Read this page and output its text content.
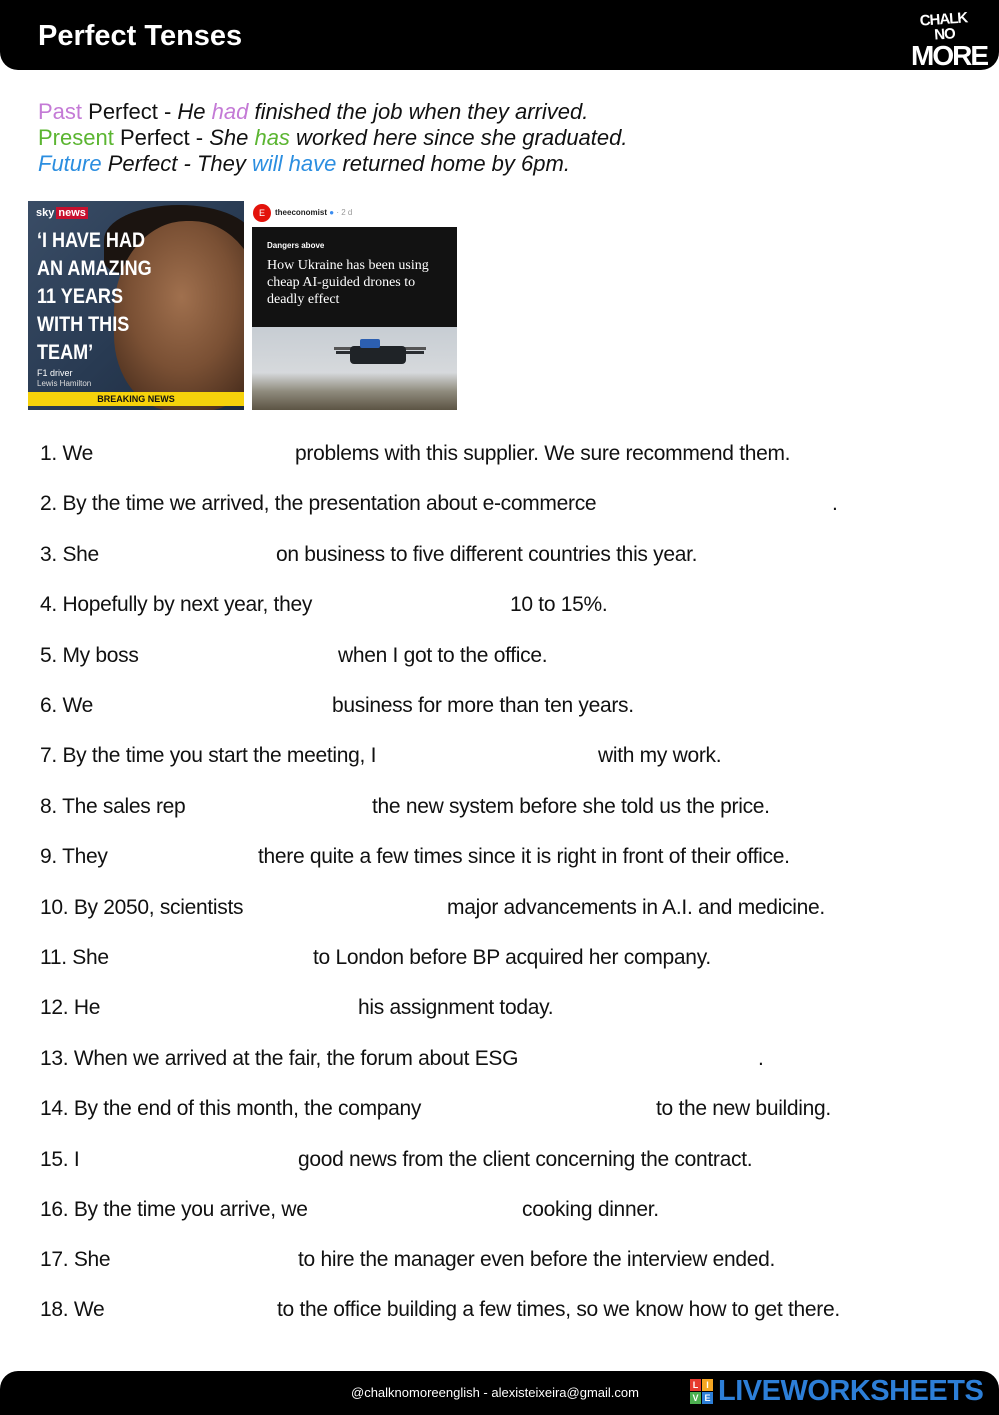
Perfect Tenses
CHALK NO
MORE
Past Perfect - He had finished the job when they arrived.
Present Perfect - She has worked here since she graduated.
Future Perfect - They will have returned home by 6pm.
sky news
‘I HAVE HAD AN AMAZING 11 YEARS WITH THIS TEAM’
F1 driver
Lewis Hamilton
BREAKING NEWS
E	theeconomist ● · 2 d
Dangers above
How Ukraine has been using cheap AI-guided drones to deadly effect
1. We	problems with this supplier. We sure recommend them.
2. By the time we arrived, the presentation about e-commerce	.
3. She	on business to five different countries this year.
4. Hopefully by next year, they	10 to 15%.
5. My boss	when I got to the office.
6. We	business for more than ten years.
7. By the time you start the meeting, I	with my work.
8. The sales rep	the new system before she told us the price.
9. They	there quite a few times since it is right in front of their office.
10. By 2050, scientists	major advancements in A.I. and medicine.
11. She	to London before BP acquired her company.
12. He	his assignment today.
13. When we arrived at the fair, the forum about ESG	.
14. By the end of this month, the company	to the new building.
15. I	good news from the client concerning the contract.
16. By the time you arrive, we	cooking dinner.
17. She	to hire the manager even before the interview ended.
18. We	to the office building a few times, so we know how to get there.
@chalknomoreenglish - alexisteixeira@gmail.com	L I
V E LIVEWORKSHEETS
